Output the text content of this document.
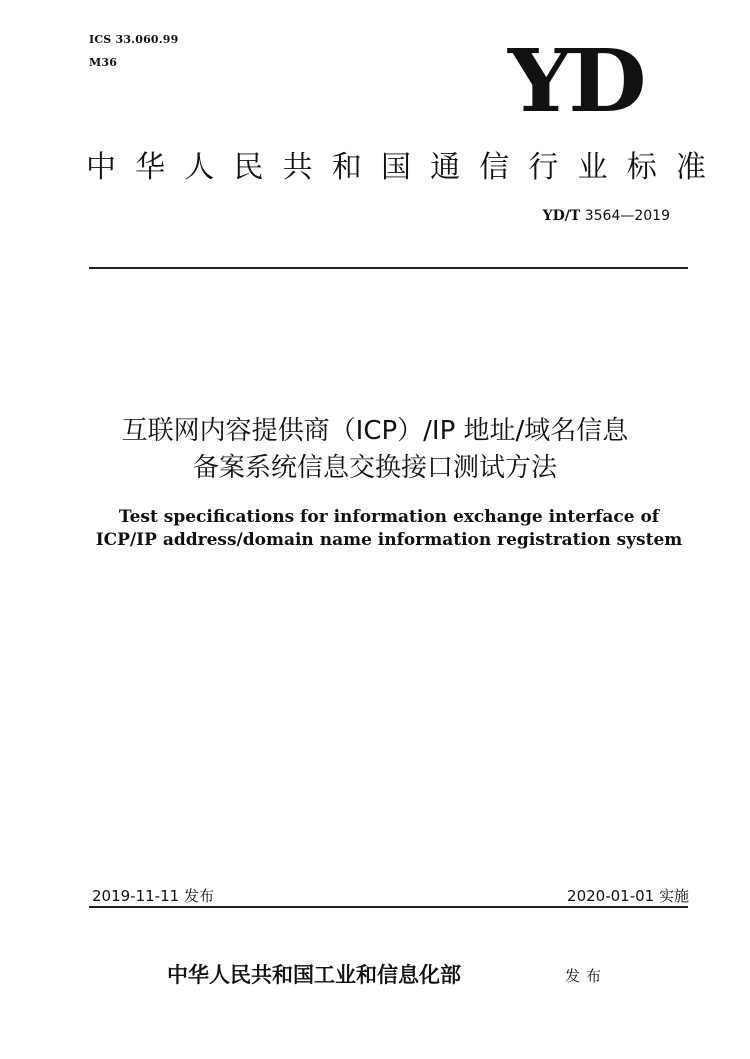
ICS 33.060.99
M36	YD
中 华 人 民 共 和 国 通 信 行 业 标 准
YD/T 3564—2019
互联网内容提供商（ICP）/IP 地址/域名信息
备案系统信息交换接口测试方法
Test specifications for information exchange interface of
ICP/IP address/domain name information registration system
2019-11-11 发布	2020-01-01 实施
中华人民共和国工业和信息化部	发布
